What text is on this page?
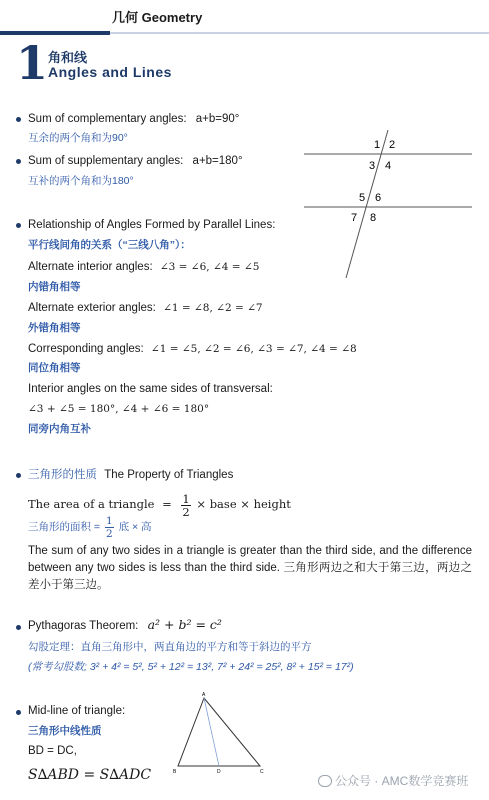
几何 Geometry
1 角和线
Angles and Lines
Sum of complementary angles: a+b=90°
互余的两个角和为90°
Sum of supplementary angles: a+b=180°
互补的两个角和为180°
1 2
3 4
5 6
7 8
Relationship of Angles Formed by Parallel Lines:
平行线间角的关系（“三线八角”）：
Alternate interior angles: ∠3 = ∠6, ∠4 = ∠5
内错角相等
Alternate exterior angles: ∠1 = ∠8, ∠2 = ∠7
外错角相等
Corresponding angles: ∠1 = ∠5, ∠2 = ∠6, ∠3 = ∠7, ∠4 = ∠8
同位角相等
Interior angles on the same sides of transversal:
∠3 + ∠5 = 180°, ∠4 + ∠6 = 180°
同旁内角互补
三角形的性质 The Property of Triangles
The area of a triangle = $\frac{1}{2}$ × base × height
三角形的面积 = $\frac{1}{2}$ 底 × 高
The sum of any two sides in a triangle is greater than the third side, and the difference between any two sides is less than the third side. 三角形两边之和大于第三边，两边之差小于第三边。
Pythagoras Theorem: a² + b² = c²
勾股定理：直角三角形中，两直角边的平方和等于斜边的平方
(常考勾股数; 3² + 4² = 5², 5² + 12² = 13², 7² + 24² = 25², 8² + 15² = 17²)
Mid-line of triangle:
三角形中线性质
BD = DC,
S∆ABD = S∆ADC
A
B	C
D
公众号 · AMC数学竞赛班
